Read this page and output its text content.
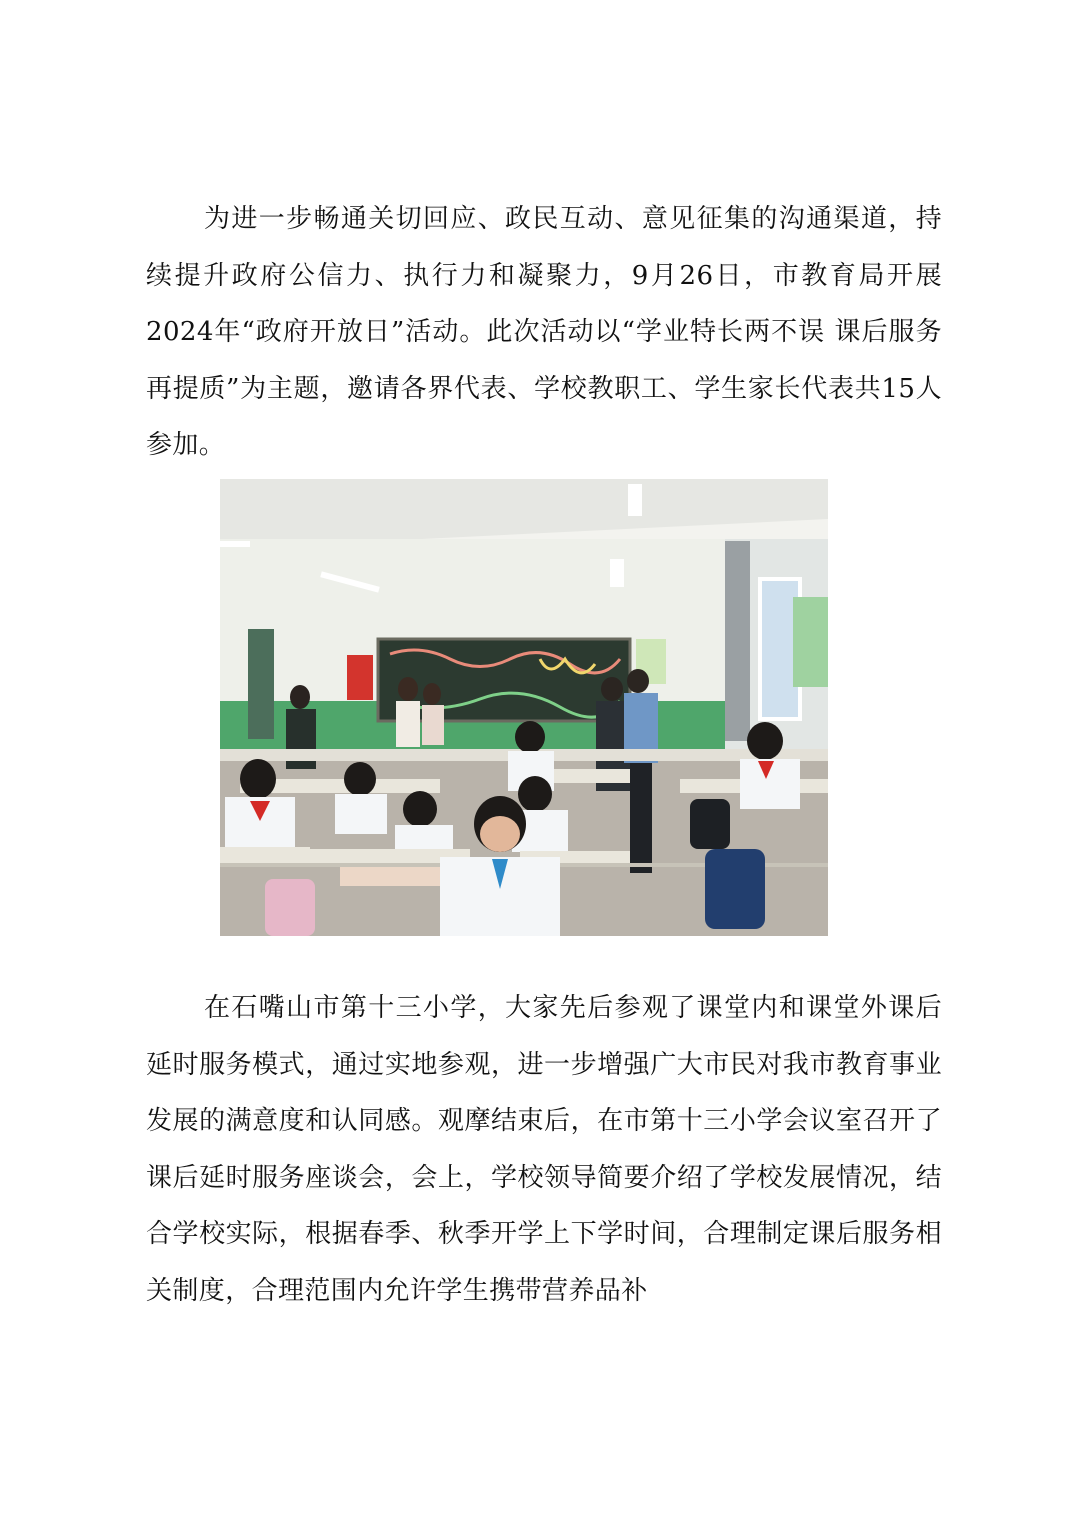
为进一步畅通关切回应、政民互动、意见征集的沟通渠道，持续提升政府公信力、执行力和凝聚力，9月26日，市教育局开展2024年“政府开放日”活动。此次活动以“学业特长两不误 课后服务再提质”为主题，邀请各界代表、学校教职工、学生家长代表共15人参加。

在石嘴山市第十三小学，大家先后参观了课堂内和课堂外课后延时服务模式，通过实地参观，进一步增强广大市民对我市教育事业发展的满意度和认同感。观摩结束后，在市第十三小学会议室召开了课后延时服务座谈会，会上，学校领导简要介绍了学校发展情况，结合学校实际，根据春季、秋季开学上下学时间，合理制定课后服务相关制度，合理范围内允许学生携带营养品补
